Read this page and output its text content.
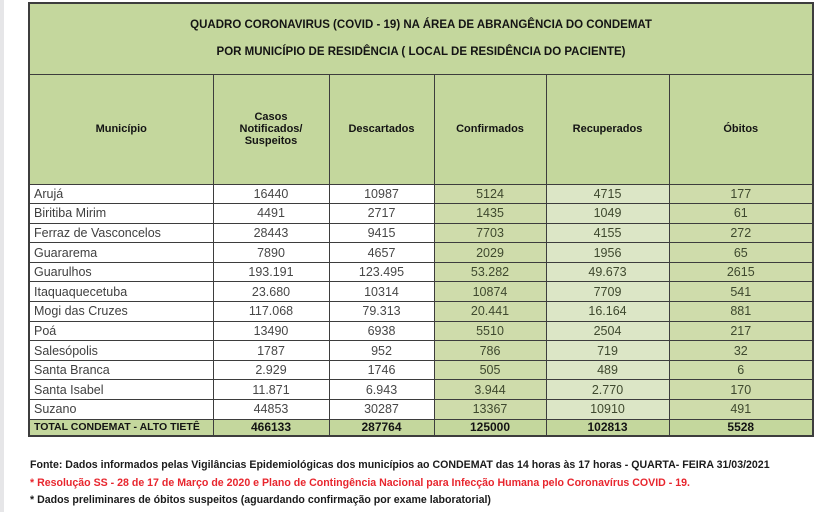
QUADRO CORONAVIRUS (COVID - 19) NA ÁREA DE ABRANGÊNCIA DO CONDEMAT
POR MUNICÍPIO DE RESIDÊNCIA ( LOCAL DE RESIDÊNCIA DO PACIENTE)					

Município	Casos Notificados/ Suspeitos	Descartados	Confirmados	Recuperados	Óbitos
Arujá	16440	10987	5124	4715	177
Biritiba Mirim	4491	2717	1435	1049	61
Ferraz de Vasconcelos	28443	9415	7703	4155	272
Guararema	7890	4657	2029	1956	65
Guarulhos	193.191	123.495	53.282	49.673	2615
Itaquaquecetuba	23.680	10314	10874	7709	541
Mogi das Cruzes	117.068	79.313	20.441	16.164	881
Poá	13490	6938	5510	2504	217
Salesópolis	1787	952	786	719	32
Santa Branca	2.929	1746	505	489	6
Santa Isabel	11.871	6.943	3.944	2.770	170
Suzano	44853	30287	13367	10910	491
TOTAL CONDEMAT - ALTO TIETÊ	466133	287764	125000	102813	5528
Fonte: Dados informados pelas Vigilâncias Epidemiológicas dos municípios ao CONDEMAT das 14 horas às 17 horas - QUARTA- FEIRA 31/03/2021
* Resolução SS - 28 de 17 de Março de 2020 e Plano de Contingência Nacional para Infecção Humana pelo Coronavírus COVID - 19.
* Dados preliminares de óbitos suspeitos (aguardando confirmação por exame laboratorial)
